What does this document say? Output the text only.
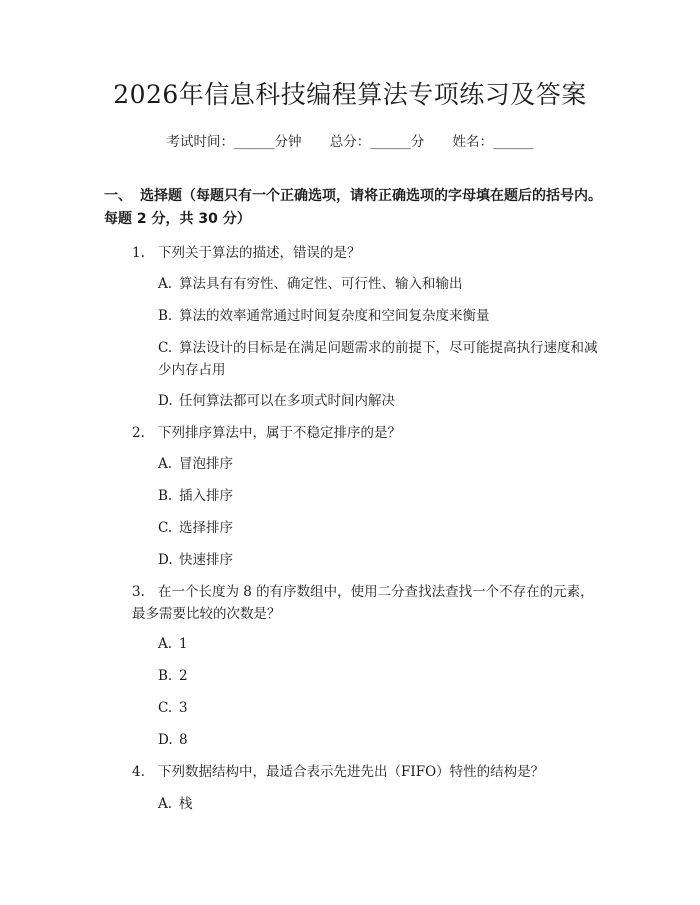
2026年信息科技编程算法专项练习及答案
考试时间：______分钟 总分：______分 姓名：______
一、 选择题（每题只有一个正确选项，请将正确选项的字母填在题后的括号内。每题 2 分，共 30 分）
1. 下列关于算法的描述，错误的是？
A. 算法具有有穷性、确定性、可行性、输入和输出
B. 算法的效率通常通过时间复杂度和空间复杂度来衡量
C. 算法设计的目标是在满足问题需求的前提下，尽可能提高执行速度和减少内存占用
D. 任何算法都可以在多项式时间内解决
2. 下列排序算法中，属于不稳定排序的是？
A. 冒泡排序
B. 插入排序
C. 选择排序
D. 快速排序
3. 在一个长度为 8 的有序数组中，使用二分查找法查找一个不存在的元素，最多需要比较的次数是？
A. 1
B. 2
C. 3
D. 8
4. 下列数据结构中，最适合表示先进先出（FIFO）特性的结构是？
A. 栈
